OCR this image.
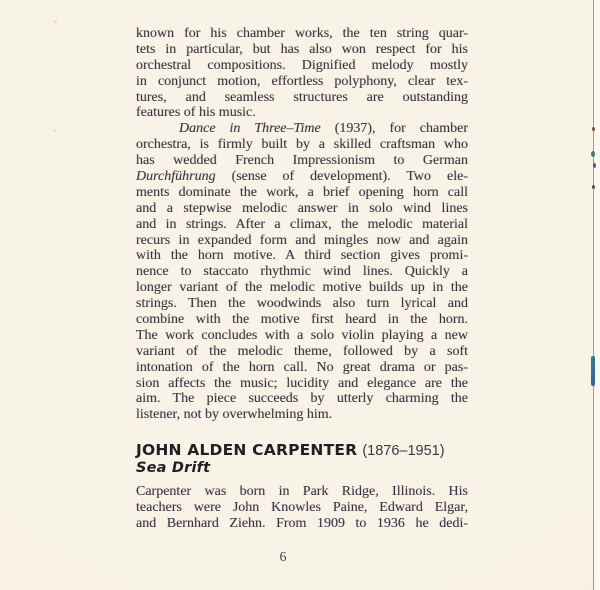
known for his chamber works, the ten string quar-
tets in particular, but has also won respect for his
orchestral compositions. Dignified melody mostly
in conjunct motion, effortless polyphony, clear tex-
tures, and seamless structures are outstanding
features of his music.
Dance in Three–Time (1937), for chamber
orchestra, is firmly built by a skilled craftsman who
has wedded French Impressionism to German
Durchführung (sense of development). Two ele-
ments dominate the work, a brief opening horn call
and a stepwise melodic answer in solo wind lines
and in strings. After a climax, the melodic material
recurs in expanded form and mingles now and again
with the horn motive. A third section gives promi-
nence to staccato rhythmic wind lines. Quickly a
longer variant of the melodic motive builds up in the
strings. Then the woodwinds also turn lyrical and
combine with the motive first heard in the horn.
The work concludes with a solo violin playing a new
variant of the melodic theme, followed by a soft
intonation of the horn call. No great drama or pas-
sion affects the music; lucidity and elegance are the
aim. The piece succeeds by utterly charming the
listener, not by overwhelming him.
JOHN ALDEN CARPENTER (1876–1951)
Sea Drift
Carpenter was born in Park Ridge, Illinois. His
teachers were John Knowles Paine, Edward Elgar,
and Bernhard Ziehn. From 1909 to 1936 he dedi-
6
